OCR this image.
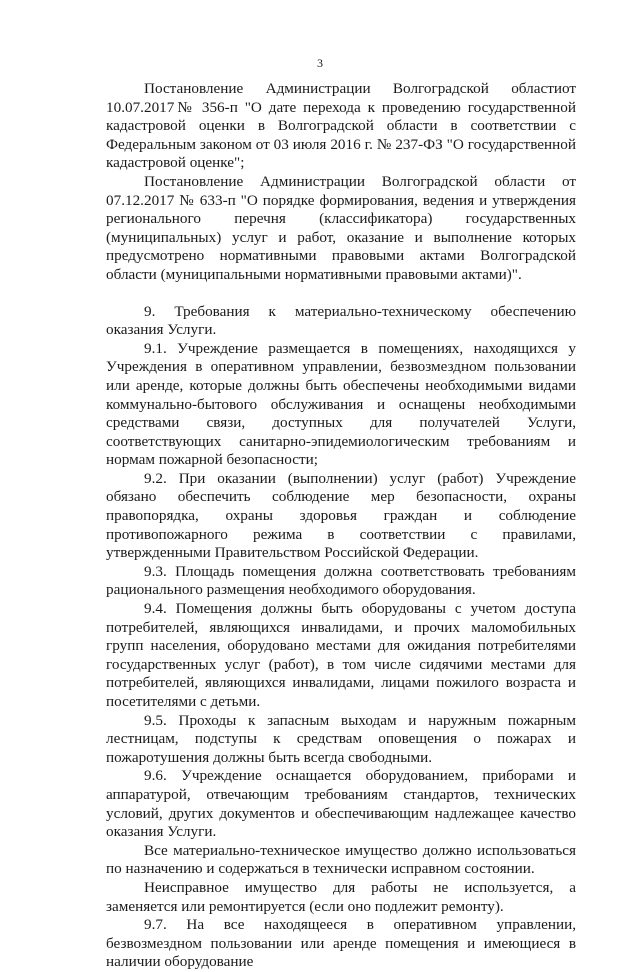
3

Постановление Администрации Волгоградской областиот 10.07.2017№ 356-п "О дате перехода к проведению государственной кадастровой оценки в Волгоградской области в соответствии с Федеральным законом от 03 июля 2016 г. № 237-ФЗ "О государственной кадастровой оценке";

Постановление Администрации Волгоградской области от 07.12.2017 № 633-п "О порядке формирования, ведения и утверждения регионального перечня (классификатора) государственных (муниципальных) услуг и работ, оказание и выполнение которых предусмотрено нормативными правовыми актами Волгоградской области (муниципальными нормативными правовыми актами)".

9. Требования к материально-техническому обеспечению оказания Услуги.

9.1. Учреждение размещается в помещениях, находящихся у Учреждения в оперативном управлении, безвозмездном пользовании или аренде, которые должны быть обеспечены необходимыми видами коммунально-бытового обслуживания и оснащены необходимыми средствами связи, доступных для получателей Услуги, соответствующих санитарно-эпидемиологическим требованиям и нормам пожарной безопасности;

9.2. При оказании (выполнении) услуг (работ) Учреждение обязано обеспечить соблюдение мер безопасности, охраны правопорядка, охраны здоровья граждан и соблюдение противопожарного режима в соответствии с правилами, утвержденными Правительством Российской Федерации.

9.3. Площадь помещения должна соответствовать требованиям рационального размещения необходимого оборудования.

9.4. Помещения должны быть оборудованы с учетом доступа потребителей, являющихся инвалидами, и прочих маломобильных групп населения, оборудовано местами для ожидания потребителями государственных услуг (работ), в том числе сидячими местами для потребителей, являющихся инвалидами, лицами пожилого возраста и посетителями с детьми.

9.5. Проходы к запасным выходам и наружным пожарным лестницам, подступы к средствам оповещения о пожарах и пожаротушения должны быть всегда свободными.

9.6. Учреждение оснащается оборудованием, приборами и аппаратурой, отвечающим требованиям стандартов, технических условий, других документов и обеспечивающим надлежащее качество оказания Услуги.

Все материально-техническое имущество должно использоваться по назначению и содержаться в технически исправном состоянии.

Неисправное имущество для работы не используется, а заменяется или ремонтируется (если оно подлежит ремонту).

9.7. На все находящееся в оперативном управлении, безвозмездном пользовании или аренде помещения и имеющиеся в наличии оборудование
